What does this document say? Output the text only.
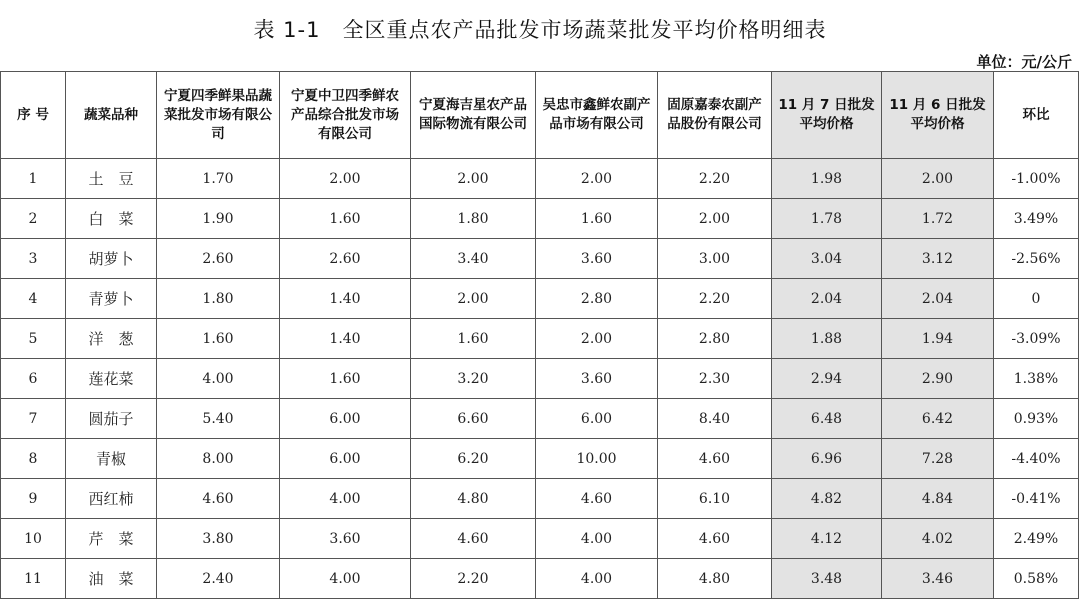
表 1-1　全区重点农产品批发市场蔬菜批发平均价格明细表
单位：元/公斤
序 号	蔬菜品种	宁夏四季鲜果品蔬菜批发市场有限公司	宁夏中卫四季鲜农产品综合批发市场有限公司	宁夏海吉星农产品国际物流有限公司	吴忠市鑫鲜农副产品市场有限公司	固原嘉泰农副产品股份有限公司	11 月 7 日批发平均价格	11 月 6 日批发平均价格	环比
1	土　豆	1.70	2.00	2.00	2.00	2.20	1.98	2.00	-1.00%
2	白　菜	1.90	1.60	1.80	1.60	2.00	1.78	1.72	3.49%
3	胡萝卜	2.60	2.60	3.40	3.60	3.00	3.04	3.12	-2.56%
4	青萝卜	1.80	1.40	2.00	2.80	2.20	2.04	2.04	0
5	洋　葱	1.60	1.40	1.60	2.00	2.80	1.88	1.94	-3.09%
6	莲花菜	4.00	1.60	3.20	3.60	2.30	2.94	2.90	1.38%
7	圆茄子	5.40	6.00	6.60	6.00	8.40	6.48	6.42	0.93%
8	青椒	8.00	6.00	6.20	10.00	4.60	6.96	7.28	-4.40%
9	西红柿	4.60	4.00	4.80	4.60	6.10	4.82	4.84	-0.41%
10	芹　菜	3.80	3.60	4.60	4.00	4.60	4.12	4.02	2.49%
11	油　菜	2.40	4.00	2.20	4.00	4.80	3.48	3.46	0.58%
